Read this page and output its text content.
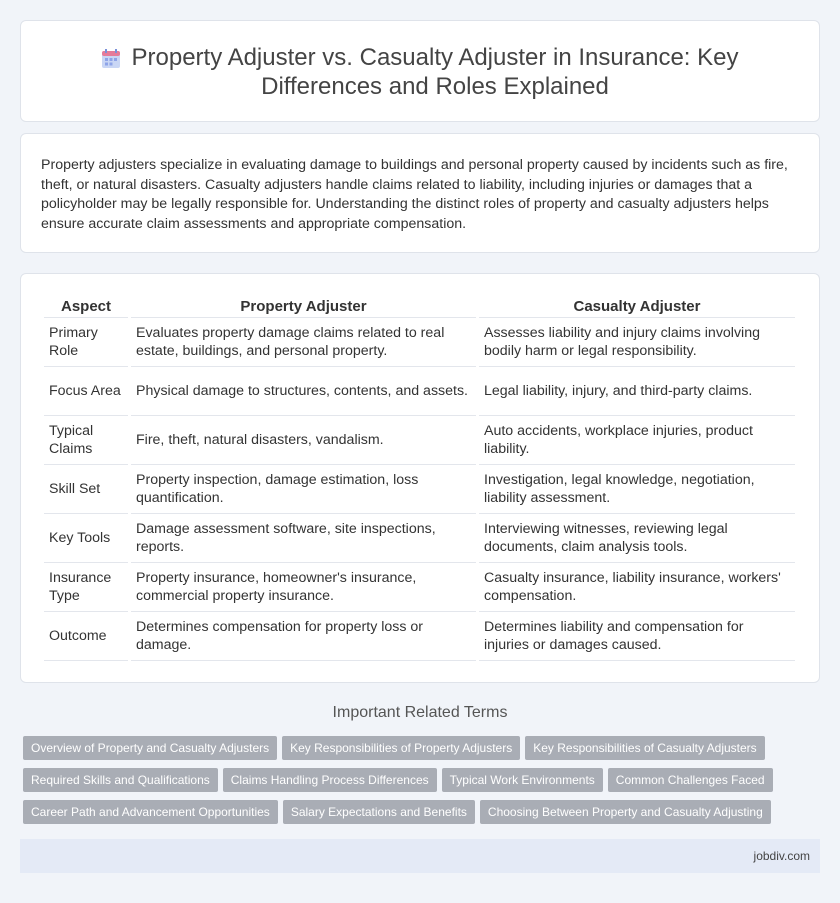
Property Adjuster vs. Casualty Adjuster in Insurance: Key Differences and Roles Explained

Property adjusters specialize in evaluating damage to buildings and personal property caused by incidents such as fire, theft, or natural disasters. Casualty adjusters handle claims related to liability, including injuries or damages that a policyholder may be legally responsible for. Understanding the distinct roles of property and casualty adjusters helps ensure accurate claim assessments and appropriate compensation.

Aspect	Property Adjuster	Casualty Adjuster
Primary Role	Evaluates property damage claims related to real estate, buildings, and personal property.	Assesses liability and injury claims involving bodily harm or legal responsibility.
Focus Area	Physical damage to structures, contents, and assets.	Legal liability, injury, and third-party claims.
Typical Claims	Fire, theft, natural disasters, vandalism.	Auto accidents, workplace injuries, product liability.
Skill Set	Property inspection, damage estimation, loss quantification.	Investigation, legal knowledge, negotiation, liability assessment.
Key Tools	Damage assessment software, site inspections, reports.	Interviewing witnesses, reviewing legal documents, claim analysis tools.
Insurance Type	Property insurance, homeowner's insurance, commercial property insurance.	Casualty insurance, liability insurance, workers' compensation.
Outcome	Determines compensation for property loss or damage.	Determines liability and compensation for injuries or damages caused.
Important Related Terms
Overview of Property and Casualty Adjusters Key Responsibilities of Property Adjusters Key Responsibilities of Casualty Adjusters
Required Skills and Qualifications Claims Handling Process Differences Typical Work Environments Common Challenges Faced
Career Path and Advancement Opportunities Salary Expectations and Benefits Choosing Between Property and Casualty Adjusting
jobdiv.com
